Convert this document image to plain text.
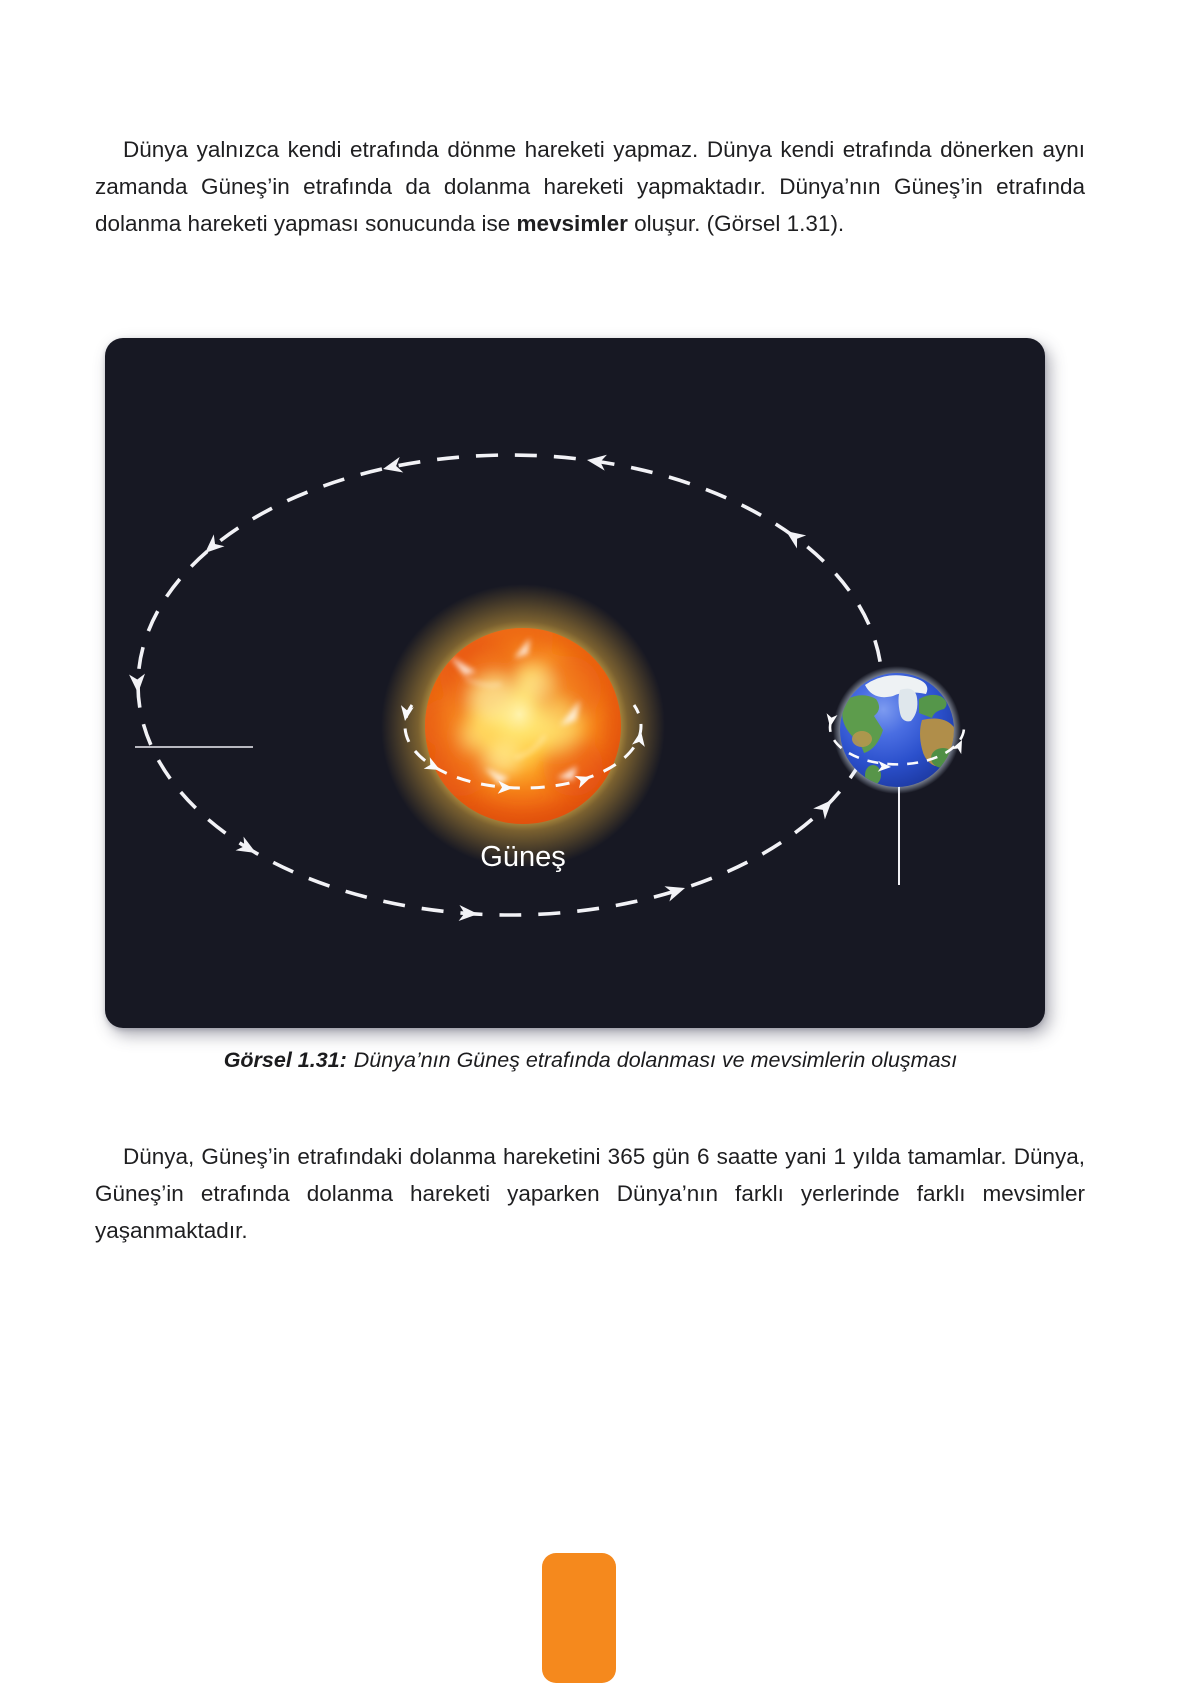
Dünya yalnızca kendi etrafında dönme hareketi yapmaz. Dünya kendi etrafında dönerken aynı zamanda Güneş’in etrafında da dolanma hareketi yapmaktadır. Dünya’nın Güneş’in etrafında dolanma hareketi yapması sonucunda ise mevsimler oluşur. (Görsel 1.31).

Güneş

Görsel 1.31: Dünya’nın Güneş etrafında dolanması ve mevsimlerin oluşması

Dünya, Güneş’in etrafındaki dolanma hareketini 365 gün 6 saatte yani 1 yılda tamamlar. Dünya, Güneş’in etrafında dolanma hareketi yaparken Dünya’nın farklı yerlerinde farklı mevsimler yaşanmaktadır.
